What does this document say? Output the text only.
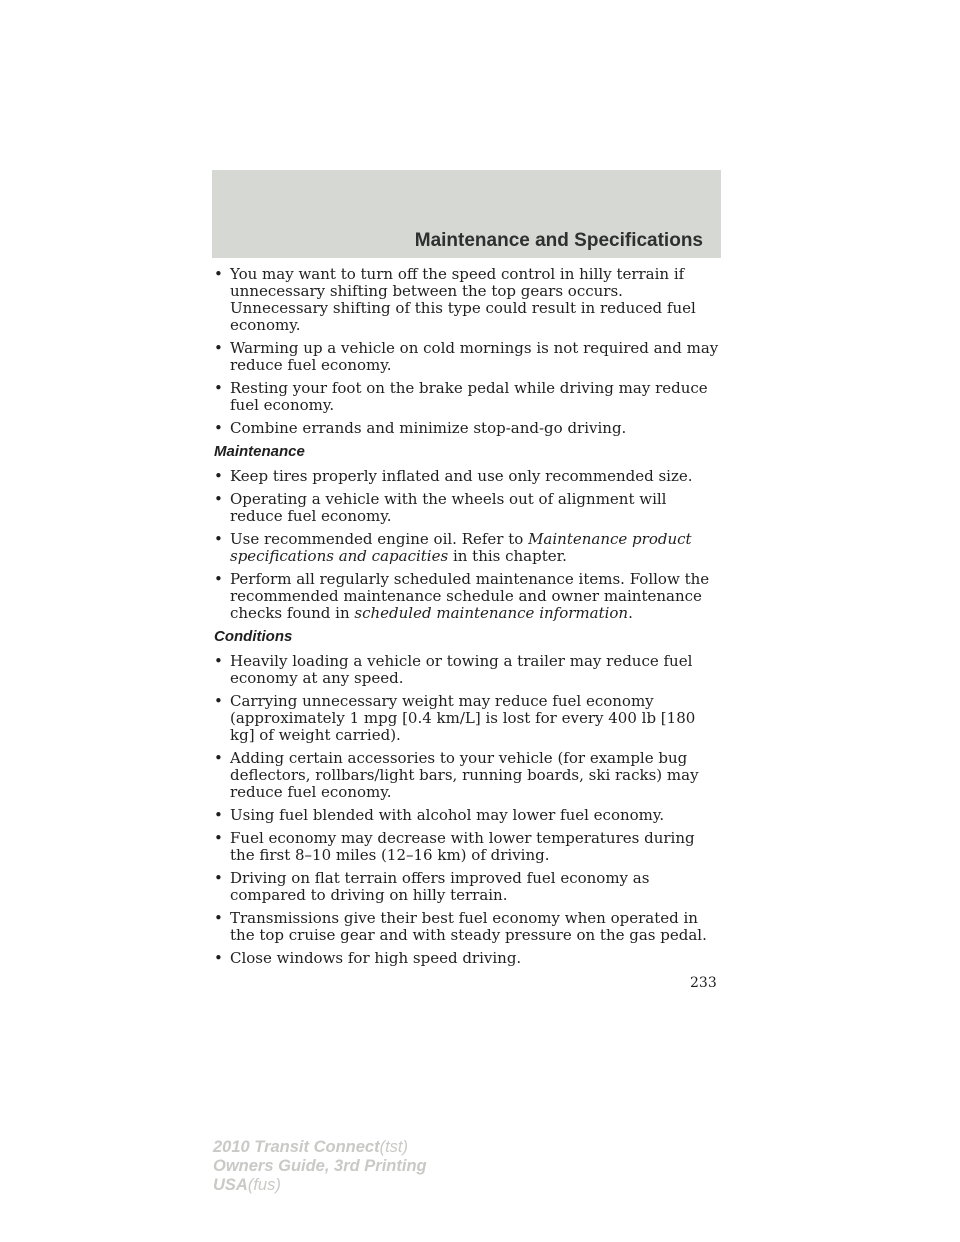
Maintenance and Specifications
• You may want to turn off the speed control in hilly terrain if unnecessary shifting between the top gears occurs. Unnecessary shifting of this type could result in reduced fuel economy.
• Warming up a vehicle on cold mornings is not required and may reduce fuel economy.
• Resting your foot on the brake pedal while driving may reduce fuel economy.
• Combine errands and minimize stop-and-go driving.
Maintenance
• Keep tires properly inflated and use only recommended size.
• Operating a vehicle with the wheels out of alignment will reduce fuel economy.
• Use recommended engine oil. Refer to Maintenance product specifications and capacities in this chapter.
• Perform all regularly scheduled maintenance items. Follow the recommended maintenance schedule and owner maintenance checks found in scheduled maintenance information.
Conditions
• Heavily loading a vehicle or towing a trailer may reduce fuel economy at any speed.
• Carrying unnecessary weight may reduce fuel economy (approximately 1 mpg [0.4 km/L] is lost for every 400 lb [180 kg] of weight carried).
• Adding certain accessories to your vehicle (for example bug deflectors, rollbars/light bars, running boards, ski racks) may reduce fuel economy.
• Using fuel blended with alcohol may lower fuel economy.
• Fuel economy may decrease with lower temperatures during the first 8–10 miles (12–16 km) of driving.
• Driving on flat terrain offers improved fuel economy as compared to driving on hilly terrain.
• Transmissions give their best fuel economy when operated in the top cruise gear and with steady pressure on the gas pedal.
• Close windows for high speed driving.
233
2010 Transit Connect(tst)
Owners Guide, 3rd Printing
USA(fus)
